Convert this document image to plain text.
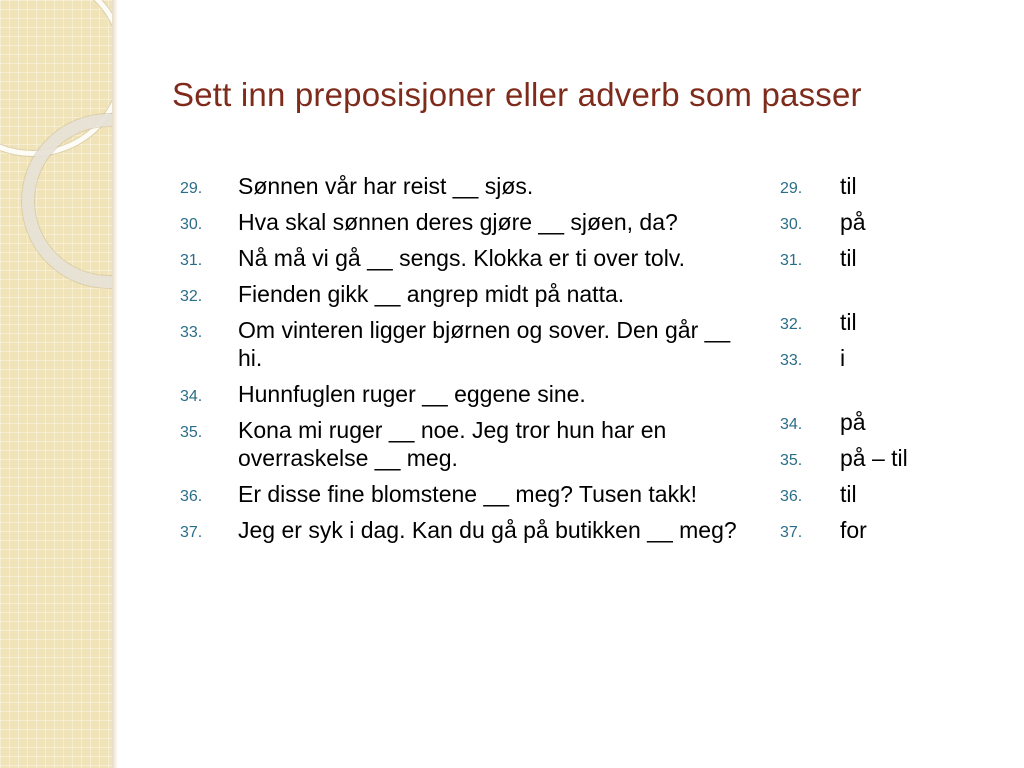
Sett inn preposisjoner eller adverb som passer
29. Sønnen vår har reist __ sjøs.
30. Hva skal sønnen deres gjøre __ sjøen, da?
31. Nå må vi gå __ sengs. Klokka er ti over tolv.
32. Fienden gikk __ angrep midt på natta.
33. Om vinteren ligger bjørnen og sover. Den går __ hi.
34. Hunnfuglen ruger __ eggene sine.
35. Kona mi ruger __ noe. Jeg tror hun har en overraskelse __ meg.
36. Er disse fine blomstene __ meg? Tusen takk!
37. Jeg er syk i dag. Kan du gå på butikken __ meg?
29. til
30. på
31. til
32. til
33. i
34. på
35. på – til
36. til
37. for
